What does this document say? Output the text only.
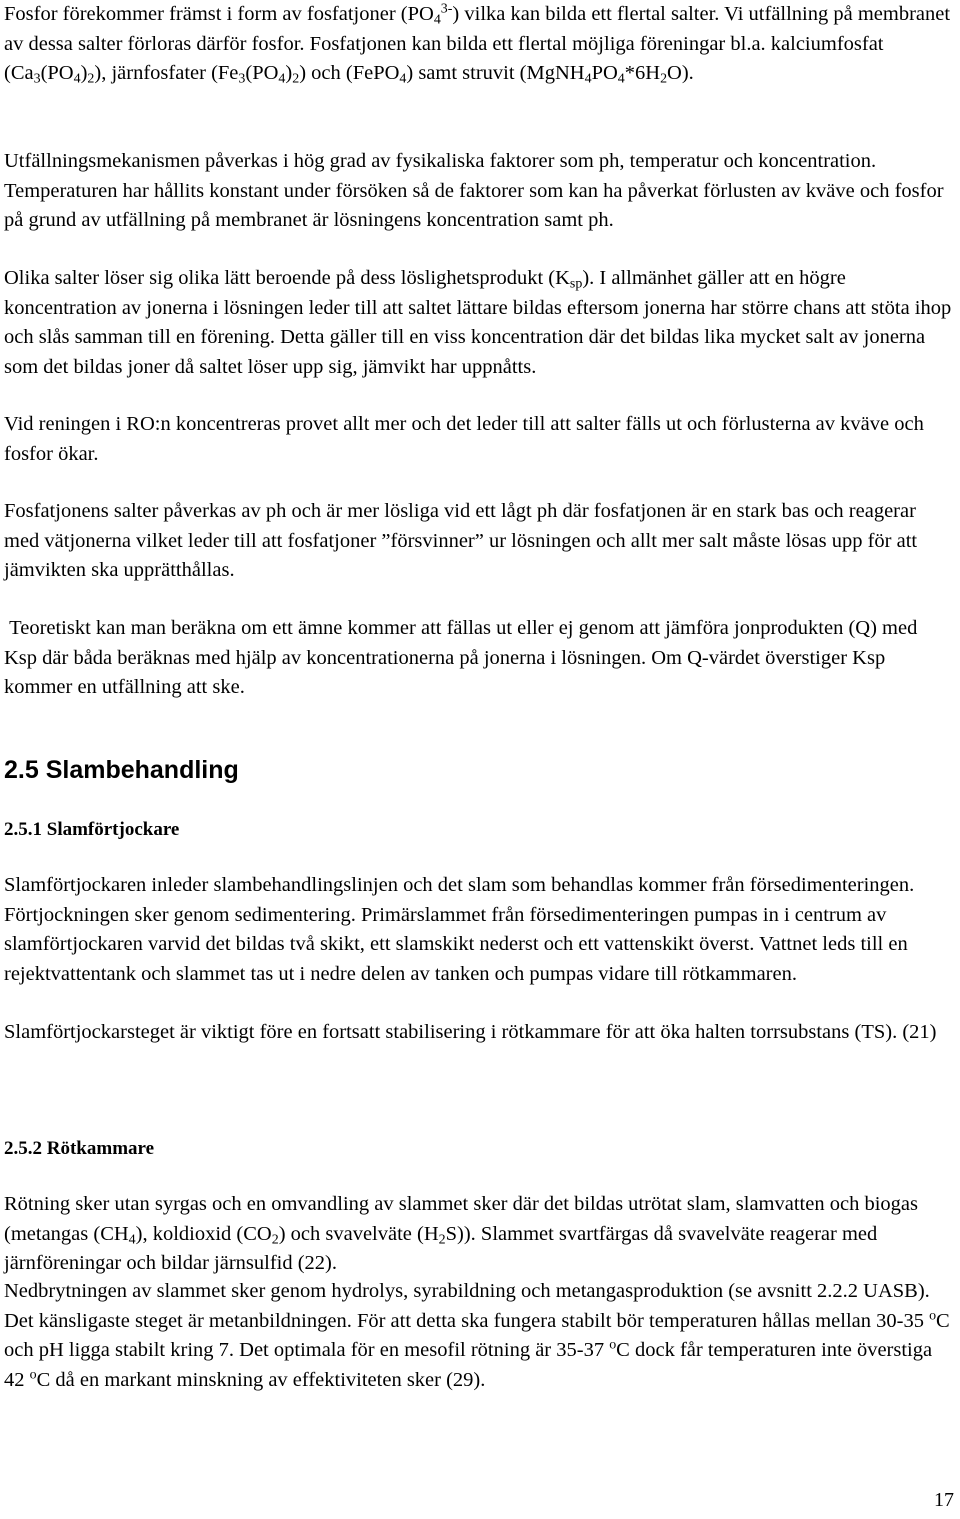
Fosfor förekommer främst i form av fosfatjoner $(PO_4^{3-})$ vilka kan bilda ett flertal salter. Vi utfällning på membranet av dessa salter förloras därför fosfor. Fosfatjonen kan bilda ett flertal möjliga föreningar bl.a. kalciumfosfat $(Ca_3(PO_4)_2)$, järnfosfater $(Fe_3(PO_4)_2)$ och (FePO$_4$) samt struvit $(MgNH_4PO_4*6H_2O)$.

Utfällningsmekanismen påverkas i hög grad av fysikaliska faktorer som ph, temperatur och koncentration. Temperaturen har hållits konstant under försöken så de faktorer som kan ha påverkat förlusten av kväve och fosfor på grund av utfällning på membranet är lösningens koncentration samt ph.

Olika salter löser sig olika lätt beroende på dess löslighetsprodukt $(K_{sp})$. I allmänhet gäller att en högre koncentration av jonerna i lösningen leder till att saltet lättare bildas eftersom jonerna har större chans att stöta ihop och slås samman till en förening. Detta gäller till en viss koncentration där det bildas lika mycket salt av jonerna som det bildas joner då saltet löser upp sig, jämvikt har uppnåtts.

Vid reningen i RO:n koncentreras provet allt mer och det leder till att salter fälls ut och förlusterna av kväve och fosfor ökar.

Fosfatjonens salter påverkas av ph och är mer lösliga vid ett lågt ph där fosfatjonen är en stark bas och reagerar med vätjonerna vilket leder till att fosfatjoner ”försvinner” ur lösningen och allt mer salt måste lösas upp för att jämvikten ska upprätthållas.

Teoretiskt kan man beräkna om ett ämne kommer att fällas ut eller ej genom att jämföra jonprodukten (Q) med Ksp där båda beräknas med hjälp av koncentrationerna på jonerna i lösningen. Om Q-värdet överstiger Ksp kommer en utfällning att ske.

2.5 Slambehandling
2.5.1 Slamförtjockare

Slamförtjockaren inleder slambehandlingslinjen och det slam som behandlas kommer från försedimenteringen. Förtjockningen sker genom sedimentering. Primärslammet från försedimenteringen pumpas in i centrum av slamförtjockaren varvid det bildas två skikt, ett slamskikt nederst och ett vattenskikt överst. Vattnet leds till en rejektvattentank och slammet tas ut i nedre delen av tanken och pumpas vidare till rötkammaren.

Slamförtjockarsteget är viktigt före en fortsatt stabilisering i rötkammare för att öka halten torrsubstans (TS). (21)

2.5.2 Rötkammare

Rötning sker utan syrgas och en omvandling av slammet sker där det bildas utrötat slam, slamvatten och biogas (metangas $(CH_4)$, koldioxid $(CO_2)$ och svavelväte $(H_2S)$). Slammet svartfärgas då svavelväte reagerar med järnföreningar och bildar järnsulfid (22).

Nedbrytningen av slammet sker genom hydrolys, syrabildning och metangasproduktion (se avsnitt 2.2.2 UASB). Det känsligaste steget är metanbildningen. För att detta ska fungera stabilt bör temperaturen hållas mellan 30-35 $^o$C och pH ligga stabilt kring 7. Det optimala för en mesofil rötning är 35-37 $^o$C dock får temperaturen inte överstiga 42 $^o$C då en markant minskning av effektiviteten sker (29).

17
